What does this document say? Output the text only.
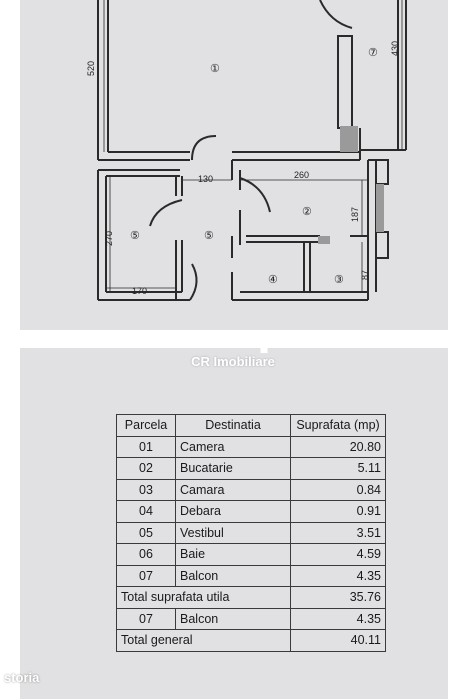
520
430
130	260
187
270
170
87
①
⑦
②
⑤	⑤
④	③
CR Imobiliare
Parcela	Destinatia	Suprafata (mp)
01	Camera	20.80
02	Bucatarie	5.11
03	Camara	0.84
04	Debara	0.91
05	Vestibul	3.51
06	Baie	4.59
07	Balcon	4.35
Total suprafata utila		35.76
07	Balcon	4.35
Total general		40.11
storia
